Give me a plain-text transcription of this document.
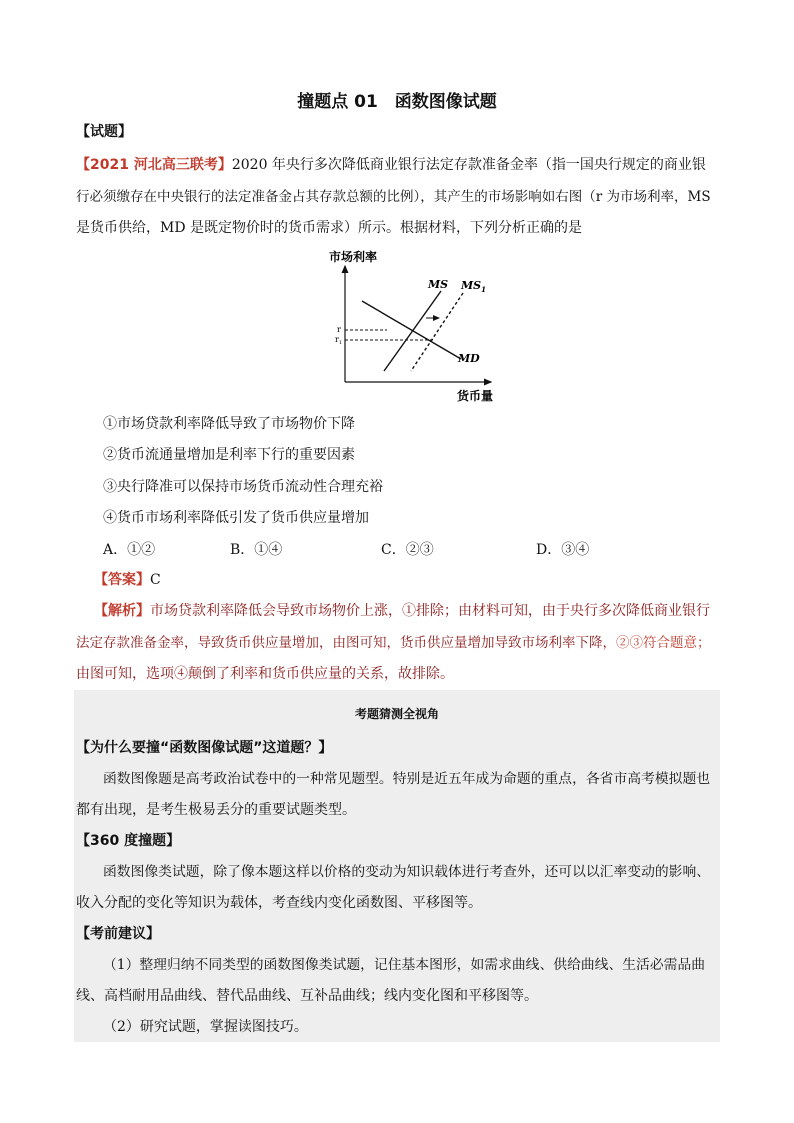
撞题点 01　函数图像试题
【试题】
【2021 河北高三联考】2020 年央行多次降低商业银行法定存款准备金率（指一国央行规定的商业银
行必须缴存在中央银行的法定准备金占其存款总额的比例），其产生的市场影响如右图（r 为市场利率，MS
是货币供给，MD 是既定物价时的货币需求）所示。根据材料，下列分析正确的是
市场利率
货币量
MS $MS_1$
MD
r
$r_1$
①市场贷款利率降低导致了市场物价下降
②货币流通量增加是利率下行的重要因素
③央行降准可以保持市场货币流动性合理充裕
④货币市场利率降低引发了货币供应量增加
A．①②	B．①④	C．②③	D．③④
【答案】C
【解析】市场贷款利率降低会导致市场物价上涨，①排除；由材料可知，由于央行多次降低商业银行
法定存款准备金率，导致货币供应量增加，由图可知，货币供应量增加导致市场利率下降，②③符合题意；
由图可知，选项④颠倒了利率和货币供应量的关系，故排除。
考题猜测全视角
【为什么要撞“函数图像试题”这道题？】
函数图像题是高考政治试卷中的一种常见题型。特别是近五年成为命题的重点，各省市高考模拟题也
都有出现，是考生极易丢分的重要试题类型。
【360 度撞题】
函数图像类试题，除了像本题这样以价格的变动为知识载体进行考查外，还可以以汇率变动的影响、
收入分配的变化等知识为载体，考查线内变化函数图、平移图等。
【考前建议】
（1）整理归纳不同类型的函数图像类试题，记住基本图形，如需求曲线、供给曲线、生活必需品曲
线、高档耐用品曲线、替代品曲线、互补品曲线；线内变化图和平移图等。
（2）研究试题，掌握读图技巧。
